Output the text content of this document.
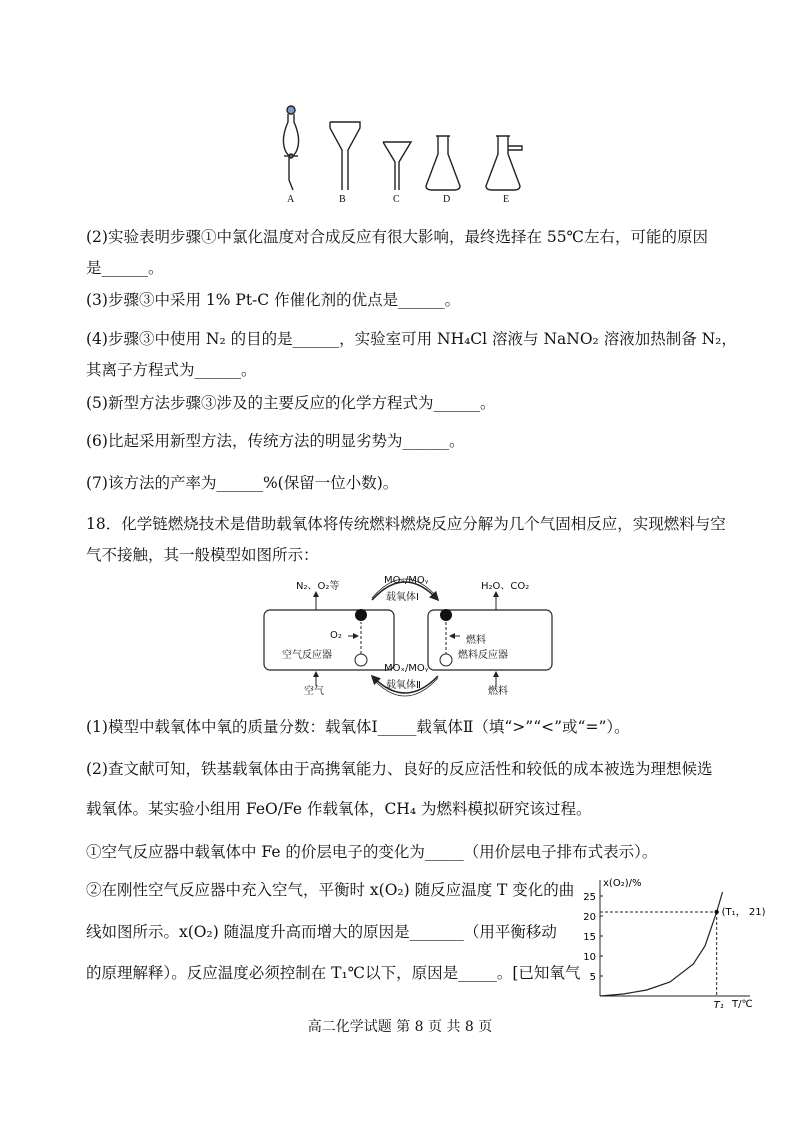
A	B	C	D	E
(2)实验表明步骤①中氯化温度对合成反应有很大影响，最终选择在 55℃左右，可能的原因
是______。
(3)步骤③中采用 1% Pt-C 作催化剂的优点是______。
(4)步骤③中使用 N₂ 的目的是______，实验室可用 NH₄Cl 溶液与 NaNO₂ 溶液加热制备 N₂，
其离子方程式为______。
(5)新型方法步骤③涉及的主要反应的化学方程式为______。
(6)比起采用新型方法，传统方法的明显劣势为______。
(7)该方法的产率为______%(保留一位小数)。
18．化学链燃烧技术是借助载氧体将传统燃料燃烧反应分解为几个气固相反应，实现燃料与空
气不接触，其一般模型如图所示：
N₂、O₂等	H₂O、CO₂
MOₓ/MOᵧ
载氧体Ⅰ
O₂	燃料
空气反应器	燃料反应器
MOₓ/MOᵧ
载氧体Ⅱ
空气	燃料
(1)模型中载氧体中氧的质量分数：载氧体Ⅰ_____载氧体Ⅱ（填“>”“<”或“=”）。
(2)查文献可知，铁基载氧体由于高携氧能力、良好的反应活性和较低的成本被选为理想候选
载氧体。某实验小组用 FeO/Fe 作载氧体，CH₄ 为燃料模拟研究该过程。
①空气反应器中载氧体中 Fe 的价层电子的变化为_____（用价层电子排布式表示）。
②在刚性空气反应器中充入空气，平衡时 x(O₂) 随反应温度 T 变化的曲
线如图所示。x(O₂) 随温度升高而增大的原因是_______（用平衡移动
的原理解释）。反应温度必须控制在 T₁℃以下，原因是_____。[已知氧气
x(O₂)/%
T/℃
5
10
15
20
25
(T₁， 21)
T₁
高二化学试题 第 8 页 共 8 页
